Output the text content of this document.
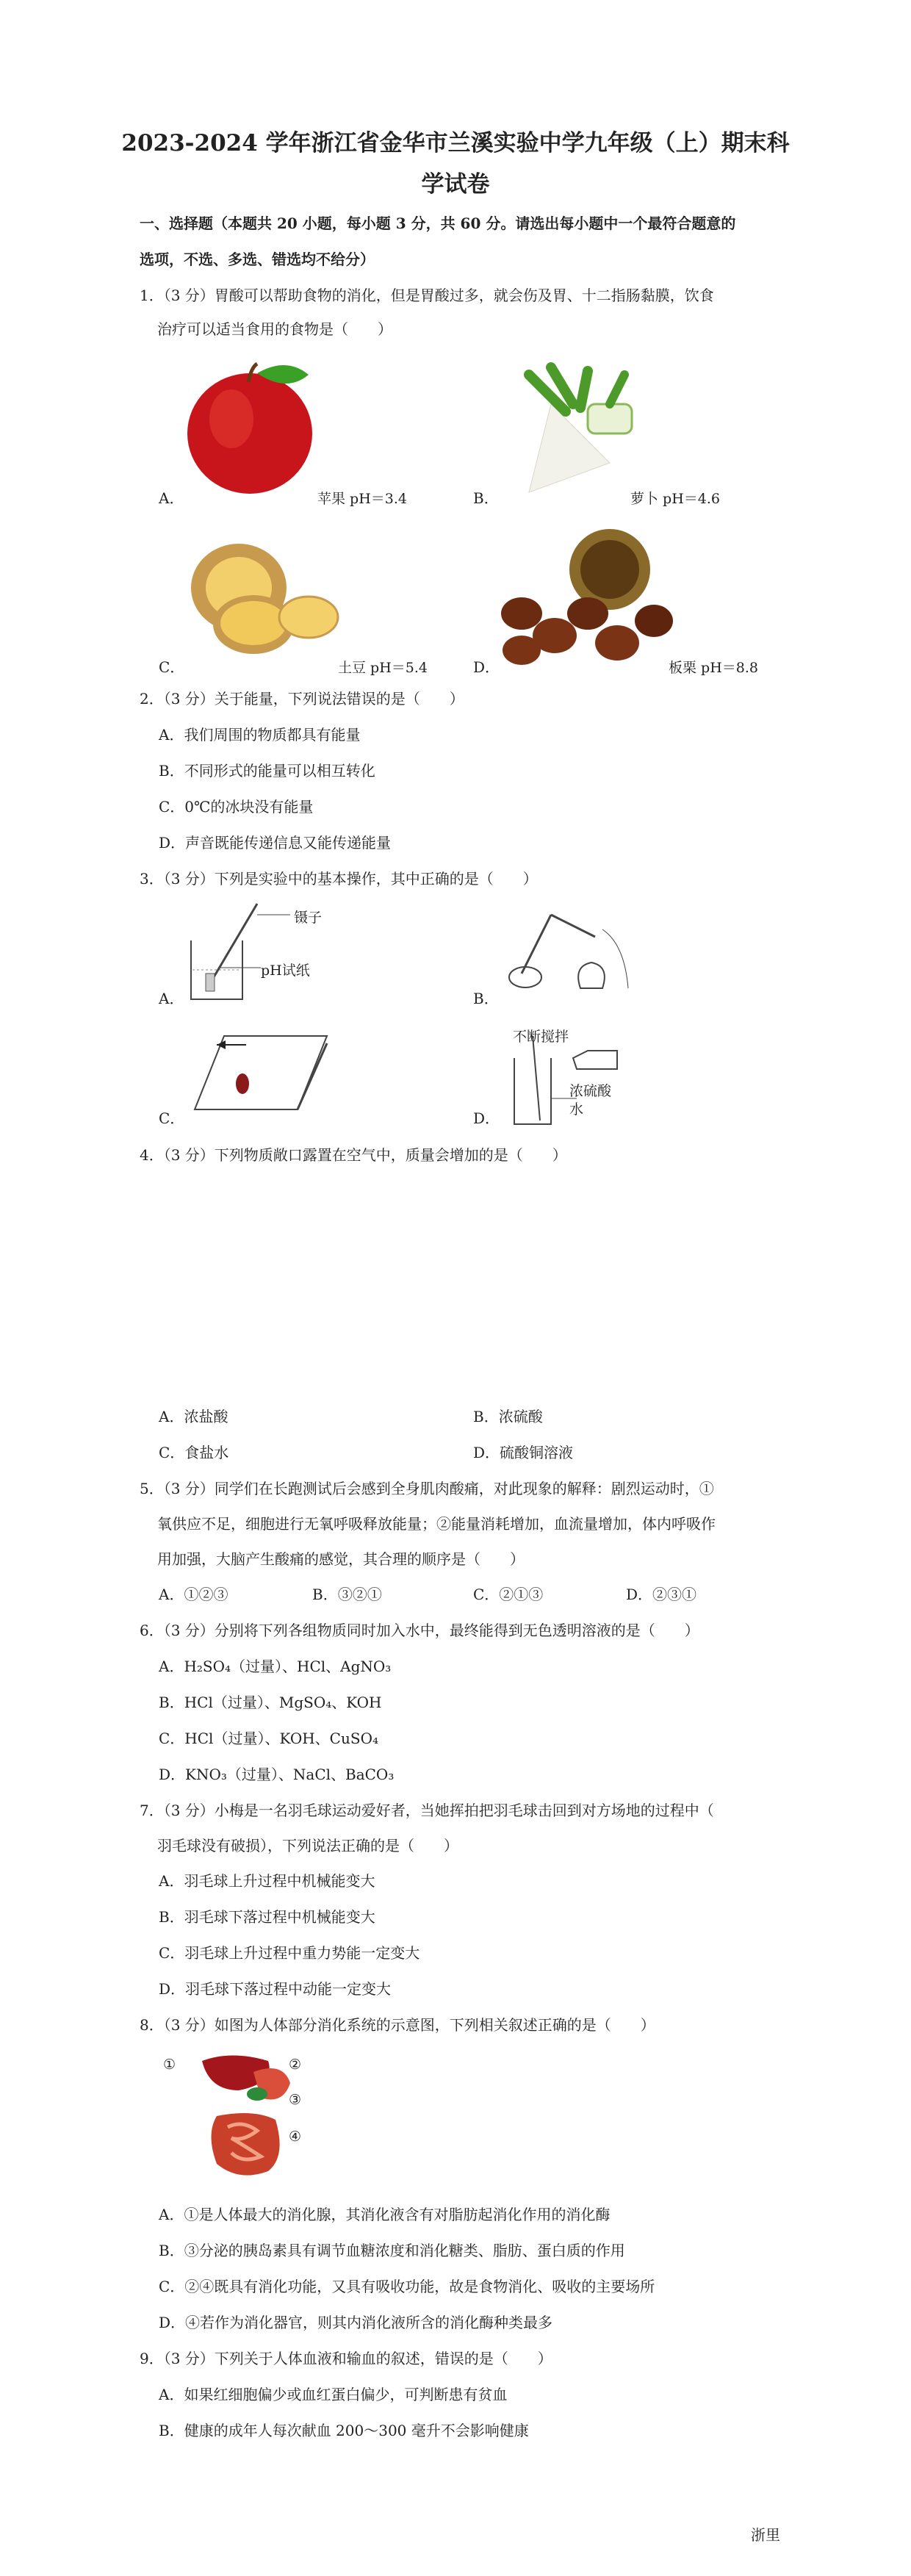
2023-2024 学年浙江省金华市兰溪实验中学九年级（上）期末科
学试卷
一、选择题（本题共 20 小题，每小题 3 分，共 60 分。请选出每小题中一个最符合题意的
选项，不选、多选、错选均不给分）
1．（3 分）胃酸可以帮助食物的消化，但是胃酸过多，就会伤及胃、十二指肠黏膜，饮食
治疗可以适当食用的食物是（　　）
A．	苹果 pH＝3.4	B．	萝卜 pH＝4.6
C．	土豆 pH＝5.4	D．	板栗 pH＝8.8
2．（3 分）关于能量，下列说法错误的是（　　）
A．我们周围的物质都具有能量
B．不同形式的能量可以相互转化
C．0℃的冰块没有能量
D．声音既能传递信息又能传递能量
3．（3 分）下列是实验中的基本操作，其中正确的是（　　）
A．
镊子
pH试纸
B．
C．	D．
不断搅拌
浓硫酸
水
4．（3 分）下列物质敞口露置在空气中，质量会增加的是（　　）
A．浓盐酸	B．浓硫酸
C．食盐水	D．硫酸铜溶液
5．（3 分）同学们在长跑测试后会感到全身肌肉酸痛，对此现象的解释：剧烈运动时，①
氧供应不足，细胞进行无氧呼吸释放能量；②能量消耗增加，血流量增加，体内呼吸作
用加强，大脑产生酸痛的感觉，其合理的顺序是（　　）
A．①②③	B．③②①	C．②①③	D．②③①
6．（3 分）分别将下列各组物质同时加入水中，最终能得到无色透明溶液的是（　　）
A．H₂SO₄（过量）、HCl、AgNO₃
B．HCl（过量）、MgSO₄、KOH
C．HCl（过量）、KOH、CuSO₄
D．KNO₃（过量）、NaCl、BaCO₃
7．（3 分）小梅是一名羽毛球运动爱好者，当她挥拍把羽毛球击回到对方场地的过程中（
羽毛球没有破损），下列说法正确的是（　　）
A．羽毛球上升过程中机械能变大
B．羽毛球下落过程中机械能变大
C．羽毛球上升过程中重力势能一定变大
D．羽毛球下落过程中动能一定变大
8．（3 分）如图为人体部分消化系统的示意图，下列相关叙述正确的是（　　）
①	②
③
④
A．①是人体最大的消化腺，其消化液含有对脂肪起消化作用的消化酶
B．③分泌的胰岛素具有调节血糖浓度和消化糖类、脂肪、蛋白质的作用
C．②④既具有消化功能，又具有吸收功能，故是食物消化、吸收的主要场所
D．④若作为消化器官，则其内消化液所含的消化酶种类最多
9．（3 分）下列关于人体血液和输血的叙述，错误的是（　　）
A．如果红细胞偏少或血红蛋白偏少，可判断患有贫血
B．健康的成年人每次献血 200～300 毫升不会影响健康
浙里
